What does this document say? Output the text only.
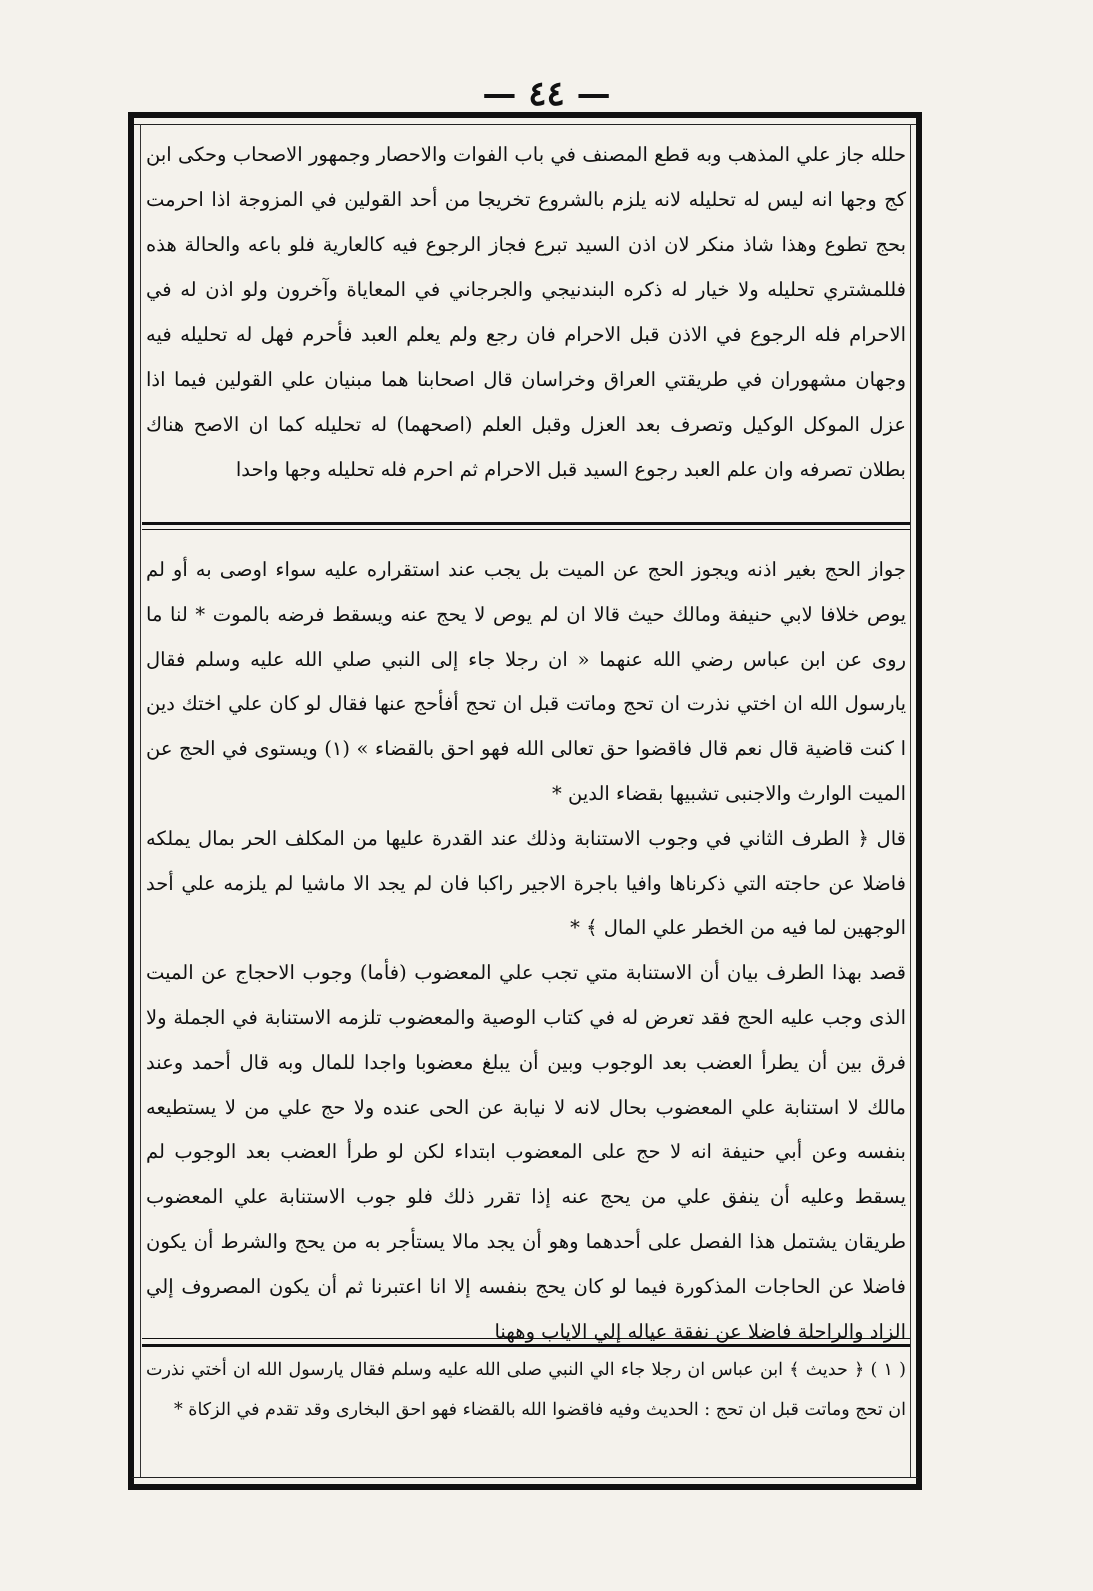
— ٤٤ —

حلله جاز علي المذهب وبه قطع المصنف في باب الفوات والاحصار وجمهور الاصحاب وحكى ابن كج وجها انه ليس له تحليله لانه يلزم بالشروع تخريجا من أحد القولين في المزوجة اذا احرمت بحج تطوع وهذا شاذ منكر لان اذن السيد تبرع فجاز الرجوع فيه كالعارية فلو باعه والحالة هذه فللمشتري تحليله ولا خيار له ذكره البندنيجي والجرجاني في المعاياة وآخرون ولو اذن له في الاحرام فله الرجوع في الاذن قبل الاحرام فان رجع ولم يعلم العبد فأحرم فهل له تحليله فيه وجهان مشهوران في طريقتي العراق وخراسان قال اصحابنا هما مبنيان علي القولين فيما اذا عزل الموكل الوكيل وتصرف بعد العزل وقبل العلم (اصحهما) له تحليله كما ان الاصح هناك بطلان تصرفه وان علم العبد رجوع السيد قبل الاحرام ثم احرم فله تحليله وجها واحدا

جواز الحج بغير اذنه ويجوز الحج عن الميت بل يجب عند استقراره عليه سواء اوصى به أو لم يوص خلافا لابي حنيفة ومالك حيث قالا ان لم يوص لا يحج عنه ويسقط فرضه بالموت * لنا ما روى عن ابن عباس رضي الله عنهما « ان رجلا جاء إلى النبي صلي الله عليه وسلم فقال يارسول الله ان اختي نذرت ان تحج وماتت قبل ان تحج أفأحج عنها فقال لو كان علي اختك دين ا كنت قاضية قال نعم قال فاقضوا حق تعالى الله فهو احق بالقضاء » (١) ويستوى في الحج عن الميت الوارث والاجنبى تشبيها بقضاء الدين *

قال ﴿ الطرف الثاني في وجوب الاستنابة وذلك عند القدرة عليها من المكلف الحر بمال يملكه فاضلا عن حاجته التي ذكرناها وافيا باجرة الاجير راكبا فان لم يجد الا ماشيا لم يلزمه علي أحد الوجهين لما فيه من الخطر علي المال ﴾ *

قصد بهذا الطرف بيان أن الاستنابة متي تجب علي المعضوب (فأما) وجوب الاحجاج عن الميت الذى وجب عليه الحج فقد تعرض له في كتاب الوصية والمعضوب تلزمه الاستنابة في الجملة ولا فرق بين أن يطرأ العضب بعد الوجوب وبين أن يبلغ معضوبا واجدا للمال وبه قال أحمد وعند مالك لا استنابة علي المعضوب بحال لانه لا نيابة عن الحى عنده ولا حج علي من لا يستطيعه بنفسه وعن أبي حنيفة انه لا حج على المعضوب ابتداء لكن لو طرأ العضب بعد الوجوب لم يسقط وعليه أن ينفق علي من يحج عنه إذا تقرر ذلك فلو جوب الاستنابة علي المعضوب طريقان يشتمل هذا الفصل على أحدهما وهو أن يجد مالا يستأجر به من يحج والشرط أن يكون فاضلا عن الحاجات المذكورة فيما لو كان يحج بنفسه إلا انا اعتبرنا ثم أن يكون المصروف إلي الزاد والراحلة فاضلا عن نفقة عياله إلي الاياب وههنا

( ١ ) ﴿ حديث ﴾ ابن عباس ان رجلا جاء الي النبي صلى الله عليه وسلم فقال يارسول الله ان أختي نذرت ان تحج وماتت قبل ان تحج : الحديث وفيه فاقضوا الله بالقضاء فهو احق البخارى وقد تقدم في الزكاة *
